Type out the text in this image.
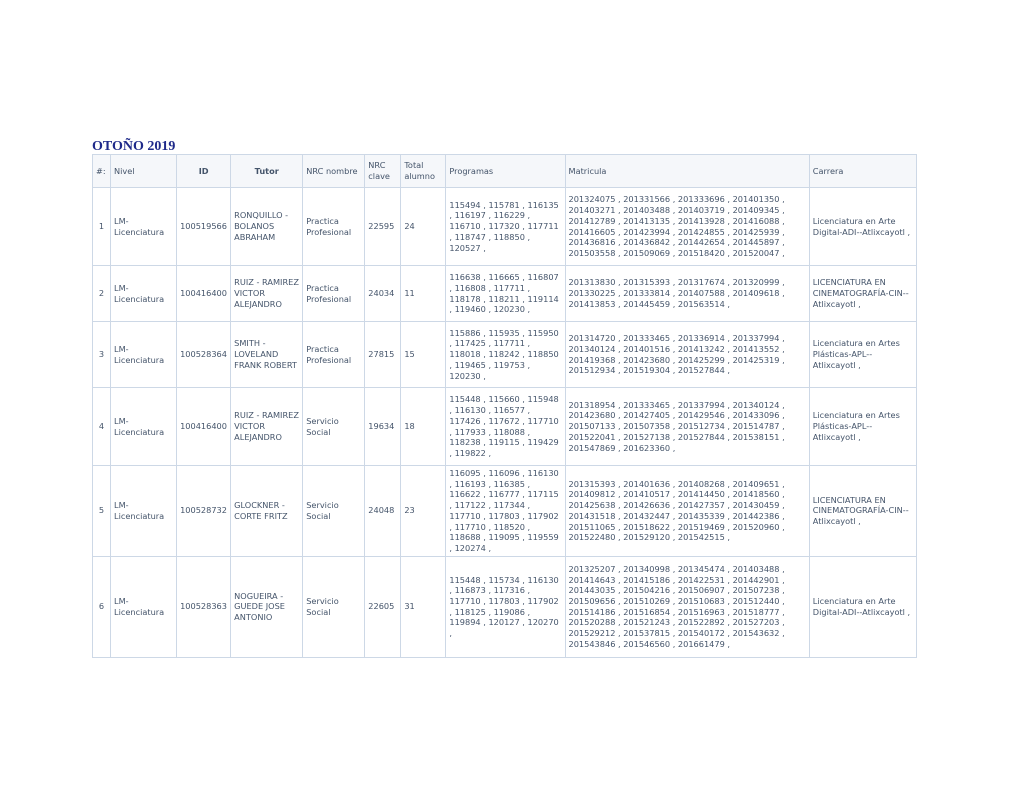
OTOÑO 2019
#:	Nivel	ID	Tutor	NRC nombre	NRC clave	Total alumno	Programas	Matricula	Carrera
1	LM-Licenciatura	100519566	RONQUILLO - BOLANOS ABRAHAM	Practica Profesional	22595	24	115494 , 115781 , 116135 , 116197 , 116229 , 116710 , 117320 , 117711 , 118747 , 118850 , 120527 ,	201324075 , 201331566 , 201333696 , 201401350 , 201403271 , 201403488 , 201403719 , 201409345 , 201412789 , 201413135 , 201413928 , 201416088 , 201416605 , 201423994 , 201424855 , 201425939 , 201436816 , 201436842 , 201442654 , 201445897 , 201503558 , 201509069 , 201518420 , 201520047 ,	Licenciatura en Arte Digital-ADI--Atlixcayotl ,
2	LM-Licenciatura	100416400	RUIZ - RAMIREZ VICTOR ALEJANDRO	Practica Profesional	24034	11	116638 , 116665 , 116807 , 116808 , 117711 , 118178 , 118211 , 119114 , 119460 , 120230 ,	201313830 , 201315393 , 201317674 , 201320999 , 201330225 , 201333814 , 201407588 , 201409618 , 201413853 , 201445459 , 201563514 ,	LICENCIATURA EN CINEMATOGRAFÍA-CIN--Atlixcayotl ,
3	LM-Licenciatura	100528364	SMITH - LOVELAND FRANK ROBERT	Practica Profesional	27815	15	115886 , 115935 , 115950 , 117425 , 117711 , 118018 , 118242 , 118850 , 119465 , 119753 , 120230 ,	201314720 , 201333465 , 201336914 , 201337994 , 201340124 , 201401516 , 201413242 , 201413552 , 201419368 , 201423680 , 201425299 , 201425319 , 201512934 , 201519304 , 201527844 ,	Licenciatura en Artes Plásticas-APL--Atlixcayotl ,
4	LM-Licenciatura	100416400	RUIZ - RAMIREZ VICTOR ALEJANDRO	Servicio Social	19634	18	115448 , 115660 , 115948 , 116130 , 116577 , 117426 , 117672 , 117710 , 117933 , 118088 , 118238 , 119115 , 119429 , 119822 ,	201318954 , 201333465 , 201337994 , 201340124 , 201423680 , 201427405 , 201429546 , 201433096 , 201507133 , 201507358 , 201512734 , 201514787 , 201522041 , 201527138 , 201527844 , 201538151 , 201547869 , 201623360 ,	Licenciatura en Artes Plásticas-APL--Atlixcayotl ,
5	LM-Licenciatura	100528732	GLOCKNER - CORTE FRITZ	Servicio Social	24048	23	116095 , 116096 , 116130 , 116193 , 116385 , 116622 , 116777 , 117115 , 117122 , 117344 , 117710 , 117803 , 117902 , 117710 , 118520 , 118688 , 119095 , 119559 , 120274 ,	201315393 , 201401636 , 201408268 , 201409651 , 201409812 , 201410517 , 201414450 , 201418560 , 201425638 , 201426636 , 201427357 , 201430459 , 201431518 , 201432447 , 201435339 , 201442386 , 201511065 , 201518622 , 201519469 , 201520960 , 201522480 , 201529120 , 201542515 ,	LICENCIATURA EN CINEMATOGRAFÍA-CIN--Atlixcayotl ,
6	LM-Licenciatura	100528363	NOGUEIRA - GUEDE JOSE ANTONIO	Servicio Social	22605	31	115448 , 115734 , 116130 , 116873 , 117316 , 117710 , 117803 , 117902 , 118125 , 119086 , 119894 , 120127 , 120270 ,	201325207 , 201340998 , 201345474 , 201403488 , 201414643 , 201415186 , 201422531 , 201442901 , 201443035 , 201504216 , 201506907 , 201507238 , 201509656 , 201510269 , 201510683 , 201512440 , 201514186 , 201516854 , 201516963 , 201518777 , 201520288 , 201521243 , 201522892 , 201527203 , 201529212 , 201537815 , 201540172 , 201543632 , 201543846 , 201546560 , 201661479 ,	Licenciatura en Arte Digital-ADI--Atlixcayotl ,
